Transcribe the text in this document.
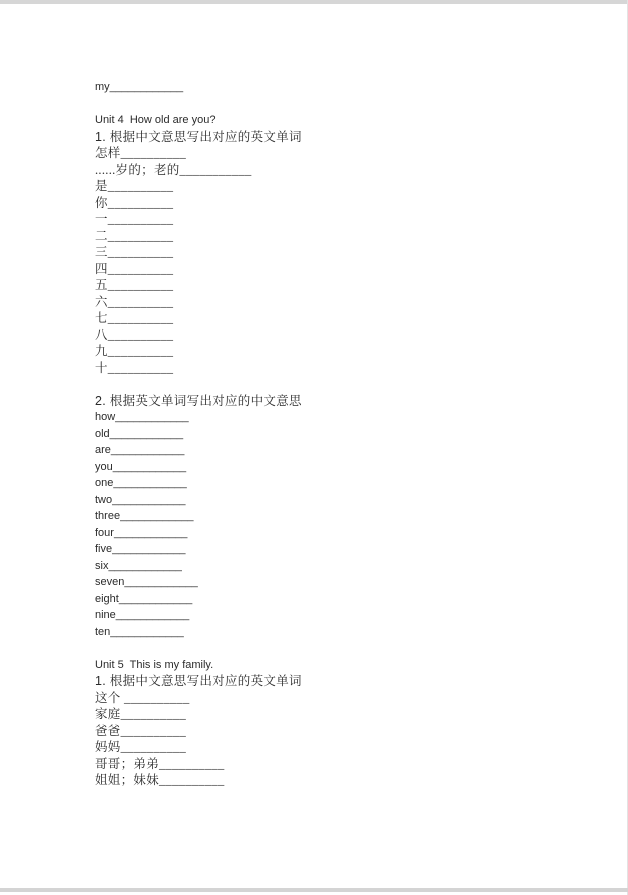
my____________
Unit 4  How old are you?
1. 根据中文意思写出对应的英文单词
怎样__________
......岁的；老的___________
是__________
你__________
一__________
二__________
三__________
四__________
五__________
六__________
七__________
八__________
九__________
十__________
2. 根据英文单词写出对应的中文意思
how____________
old____________
are____________
you____________
one____________
two____________
three____________
four____________
five____________
six____________
seven____________
eight____________
nine____________
ten____________
Unit 5  This is my family.
1. 根据中文意思写出对应的英文单词
这个 __________
家庭__________
爸爸__________
妈妈__________
哥哥；弟弟__________
姐姐；妹妹__________
